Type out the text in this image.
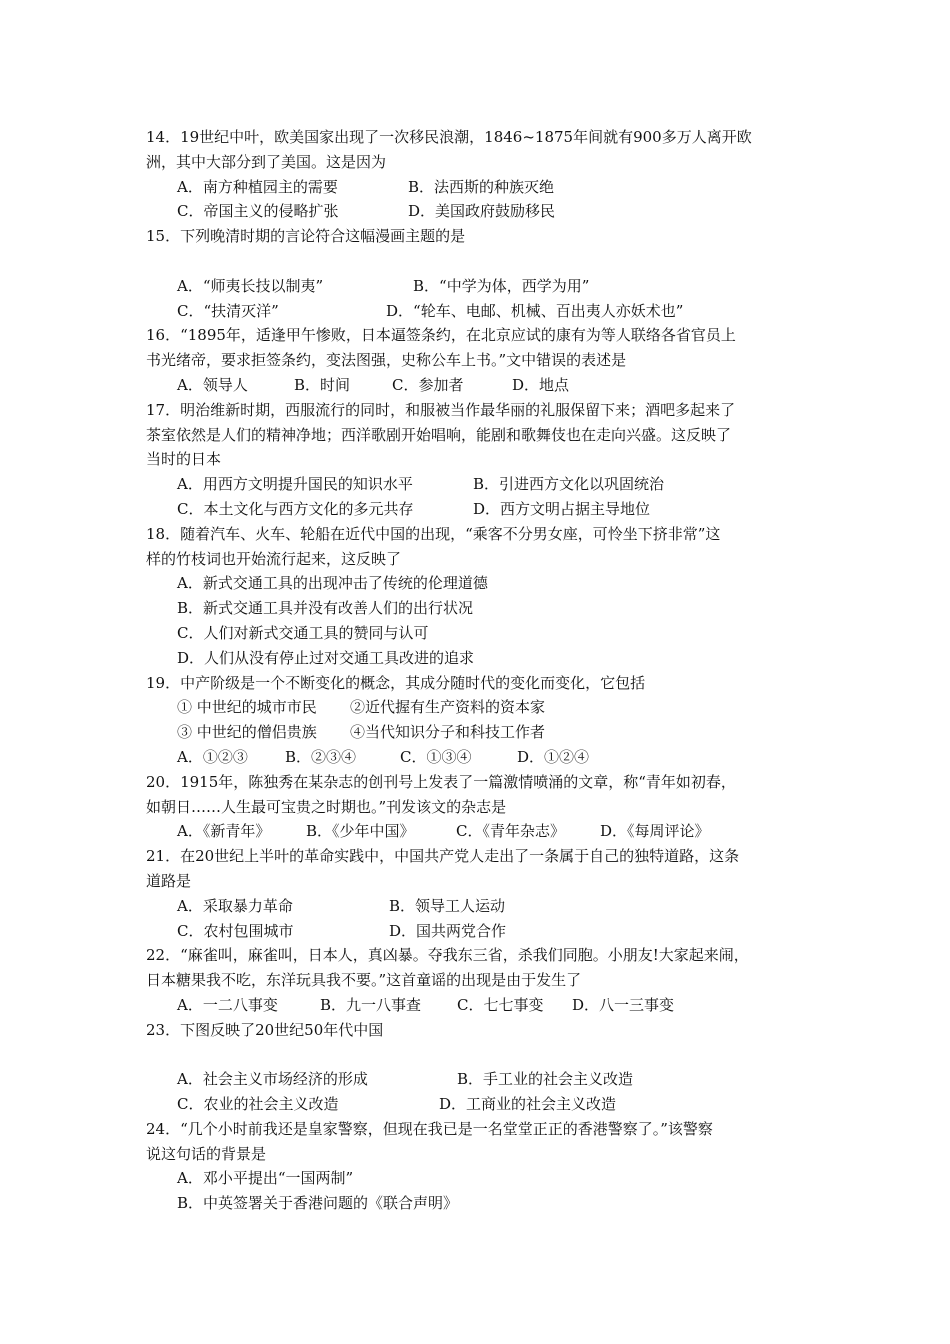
14．19世纪中叶，欧美国家出现了一次移民浪潮，1846~1875年间就有900多万人离开欧
洲，其中大部分到了美国。这是因为
A．南方种植园主的需要	B．法西斯的种族灭绝
C．帝国主义的侵略扩张	D．美国政府鼓励移民
15．下列晚清时期的言论符合这幅漫画主题的是
A．“师夷长技以制夷”	B．“中学为体，西学为用”
C．“扶清灭洋”	D．“轮车、电邮、机械、百出夷人亦妖术也”
16．“1895年，适逢甲午惨败，日本逼签条约，在北京应试的康有为等人联络各省官员上
书光绪帝，要求拒签条约，变法图强，史称公车上书。”文中错误的表述是
A．领导人	B．时间	C．参加者	D．地点
17．明治维新时期，西服流行的同时，和服被当作最华丽的礼服保留下来；酒吧多起来了
茶室依然是人们的精神净地；西洋歌剧开始唱响，能剧和歌舞伎也在走向兴盛。这反映了
当时的日本
A．用西方文明提升国民的知识水平	B．引进西方文化以巩固统治
C．本土文化与西方文化的多元共存	D．西方文明占据主导地位
18．随着汽车、火车、轮船在近代中国的出现，“乘客不分男女座，可怜坐下挤非常”这
样的竹枝词也开始流行起来，这反映了
A．新式交通工具的出现冲击了传统的伦理道德
B．新式交通工具并没有改善人们的出行状况
C．人们对新式交通工具的赞同与认可
D．人们从没有停止过对交通工具改进的追求
19．中产阶级是一个不断变化的概念，其成分随时代的变化而变化，它包括
① 中世纪的城市市民 ②近代握有生产资料的资本家
③ 中世纪的僧侣贵族 ④当代知识分子和科技工作者
A．①②③ B．②③④	C．①③④	D．①②④
20．1915年，陈独秀在某杂志的创刊号上发表了一篇激情喷涌的文章，称“青年如初春，
如朝日……人生最可宝贵之时期也。”刊发该文的杂志是
A．《新青年》 B．《少年中国》	C．《青年杂志》 D．《每周评论》
21．在20世纪上半叶的革命实践中，中国共产党人走出了一条属于自己的独特道路，这条
道路是
A．采取暴力革命	B．领导工人运动
C．农村包围城市	D．国共两党合作
22．“麻雀叫，麻雀叫，日本人，真凶暴。夺我东三省，杀我们同胞。小朋友!大家起来闹，
日本糖果我不吃，东洋玩具我不要。”这首童谣的出现是由于发生了
A．一二八事变	B．九一八事查 C．七七事变 D．八一三事变
23．下图反映了20世纪50年代中国
A．社会主义市场经济的形成	B．手工业的社会主义改造
C．农业的社会主义改造	D．工商业的社会主义改造
24．“几个小时前我还是皇家警察，但现在我已是一名堂堂正正的香港警察了。”该警察
说这句话的背景是
A．邓小平提出“一国两制”
B．中英签署关于香港问题的《联合声明》
